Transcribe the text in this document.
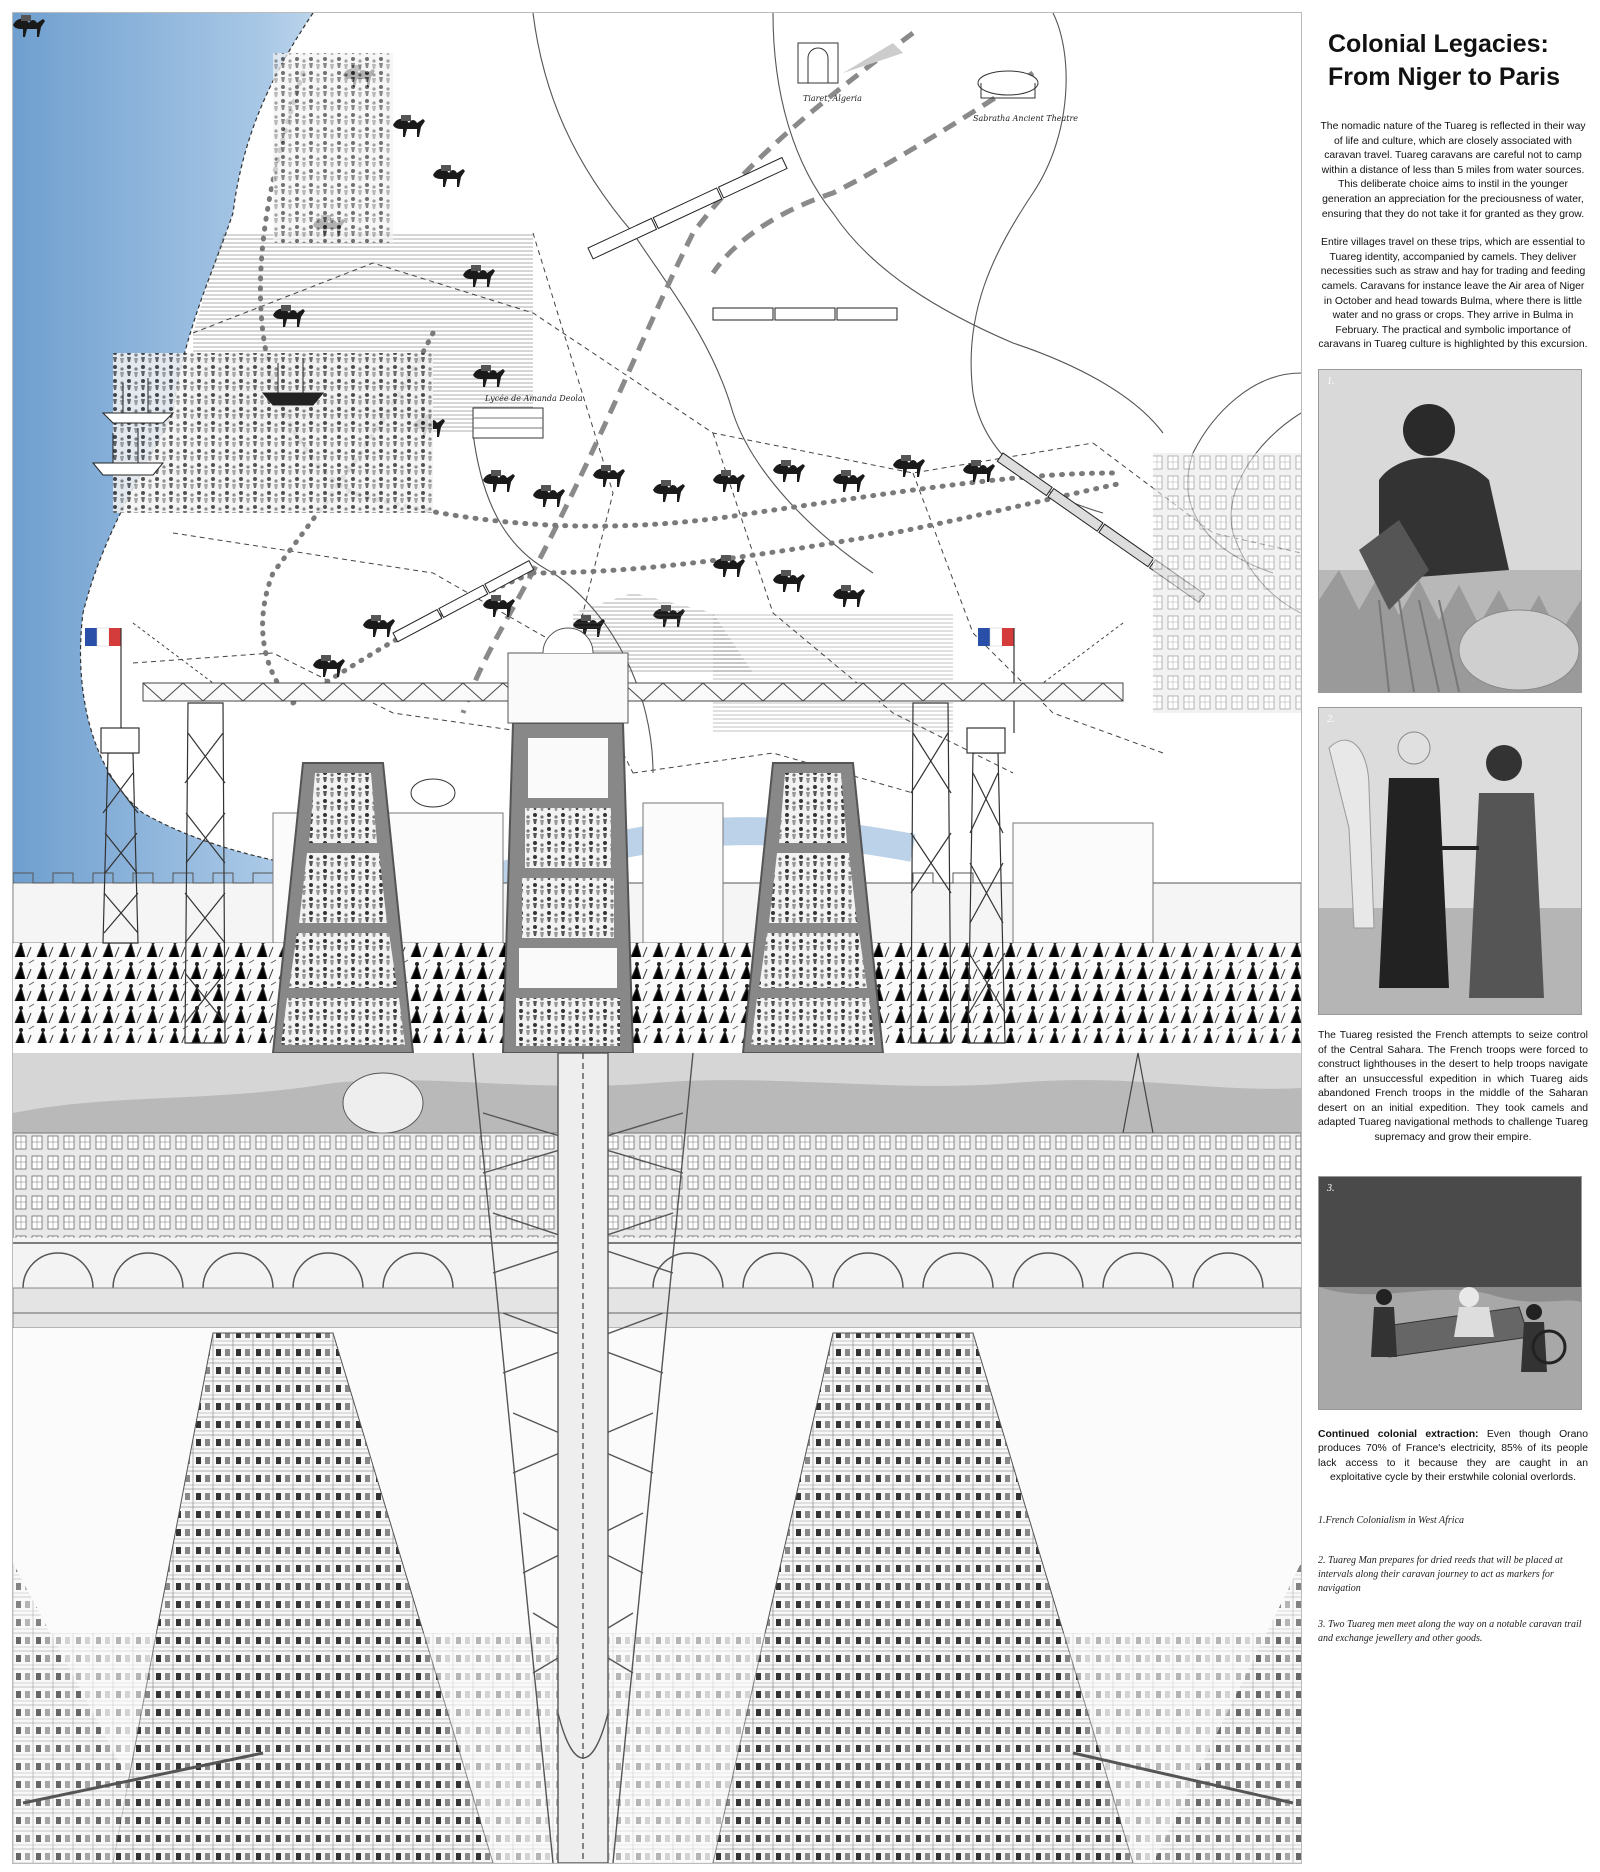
Tiaret, Algeria
Sabratha Ancient Theatre
Lycée de Amanda Deola
Colonial Legacies:
From Niger to Paris

The nomadic nature of the Tuareg is reflected in their way of life and culture, which are closely associated with caravan travel. Tuareg caravans are careful not to camp within a distance of less than 5 miles from water sources. This deliberate choice aims to instil in the younger generation an appreciation for the preciousness of water, ensuring that they do not take it for granted as they grow.

Entire villages travel on these trips, which are essential to Tuareg identity, accompanied by camels. They deliver necessities such as straw and hay for trading and feeding camels. Caravans for instance leave the Air area of Niger in October and head towards Bulma, where there is little water and no grass or crops. They arrive in Bulma in February. The practical and symbolic importance of caravans in Tuareg culture is highlighted by this excursion.

1.
2.

The Tuareg resisted the French attempts to seize control of the Central Sahara. The French troops were forced to construct lighthouses in the desert to help troops navigate after an unsuccessful expedition in which Tuareg aids abandoned French troops in the middle of the Saharan desert on an initial expedition. They took camels and adapted Tuareg navigational methods to challenge Tuareg supremacy and grow their empire.

3.

Continued colonial extraction: Even though Orano produces 70% of France's electricity, 85% of its people lack access to it because they are caught in an exploitative cycle by their erstwhile colonial overlords.

1.French Colonialism in West Africa

2. Tuareg Man prepares for dried reeds that will be placed at intervals along their caravan journey to act as markers for navigation

3. Two Tuareg men meet along the way on a notable caravan trail and exchange jewellery and other goods.
